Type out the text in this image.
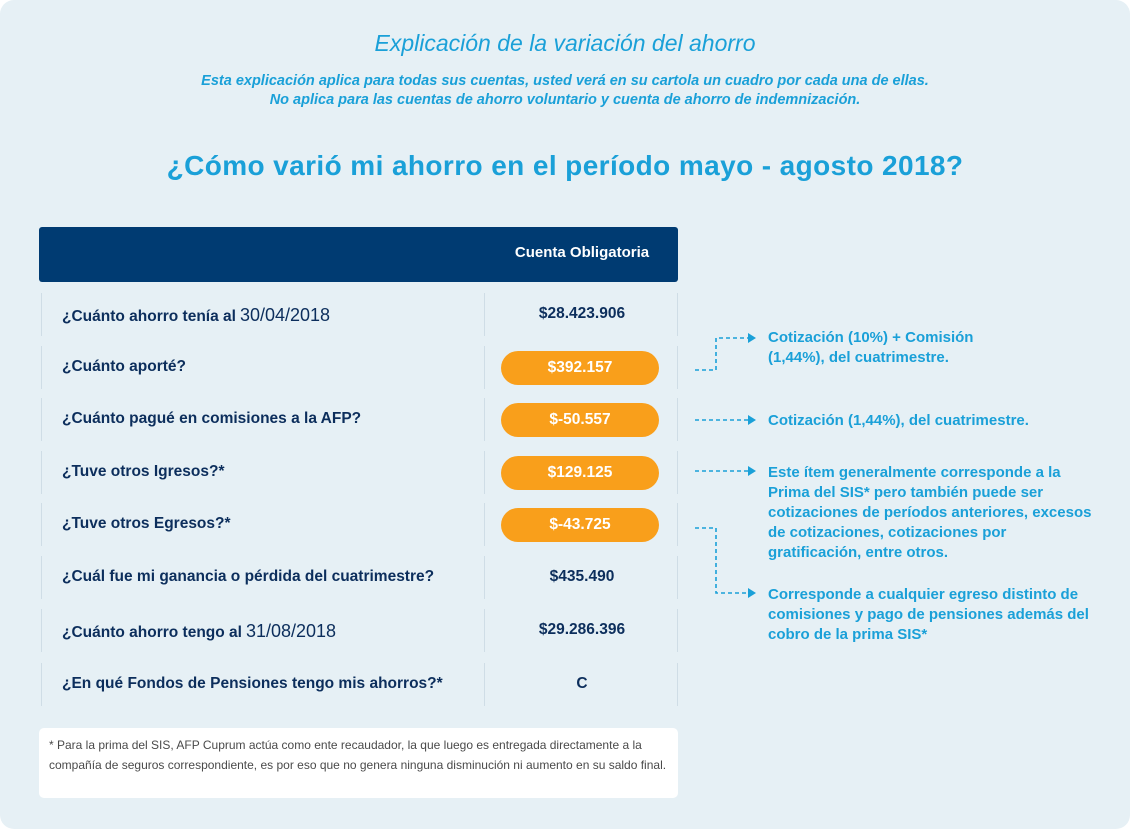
Explicación de la variación del ahorro
Esta explicación aplica para todas sus cuentas, usted verá en su cartola un cuadro por cada una de ellas.
No aplica para las cuentas de ahorro voluntario y cuenta de ahorro de indemnización.
¿Cómo varió mi ahorro en el período mayo - agosto 2018?
Cuenta Obligatoria
¿Cuánto ahorro tenía al 30/04/2018	$28.423.906
¿Cuánto aporté?	$392.157
¿Cuánto pagué en comisiones a la AFP?	$-50.557
¿Tuve otros Igresos?*	$129.125
¿Tuve otros Egresos?*	$-43.725
¿Cuál fue mi ganancia o pérdida del cuatrimestre?	$435.490
¿Cuánto ahorro tengo al 31/08/2018	$29.286.396
¿En qué Fondos de Pensiones tengo mis ahorros?*	C
* Para la prima del SIS, AFP Cuprum actúa como ente recaudador, la que luego es entregada directamente a la compañía de seguros correspondiente, es por eso que no genera ninguna disminución ni aumento en su saldo final.
Cotización (10%) + Comisión (1,44%), del cuatrimestre.
Cotización (1,44%), del cuatrimestre.
Este ítem generalmente corresponde a la Prima del SIS* pero también puede ser cotizaciones de períodos anteriores, excesos de cotizaciones, cotizaciones por gratificación, entre otros.
Corresponde a cualquier egreso distinto de comisiones y pago de pensiones además del cobro de la prima SIS*
